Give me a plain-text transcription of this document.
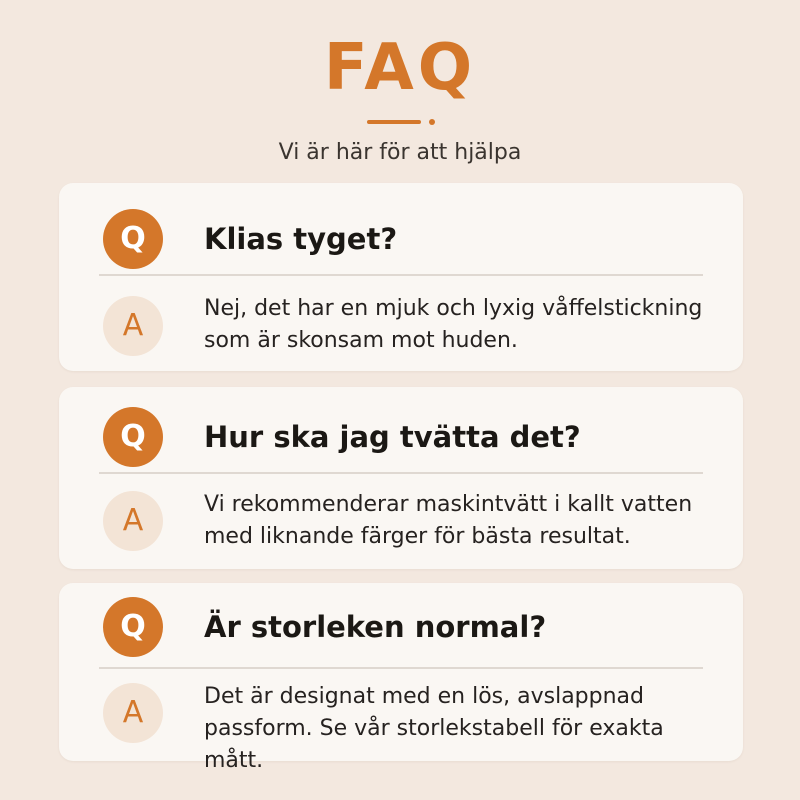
FAQ
Vi är här för att hjälpa
Q	Klias tyget?
A	Nej, det har en mjuk och lyxig våffelstickning som är skonsam mot huden.
Q	Hur ska jag tvätta det?
A	Vi rekommenderar maskintvätt i kallt vatten med liknande färger för bästa resultat.
Q	Är storleken normal?
A	Det är designat med en lös, avslappnad passform. Se vår storlekstabell för exakta mått.
